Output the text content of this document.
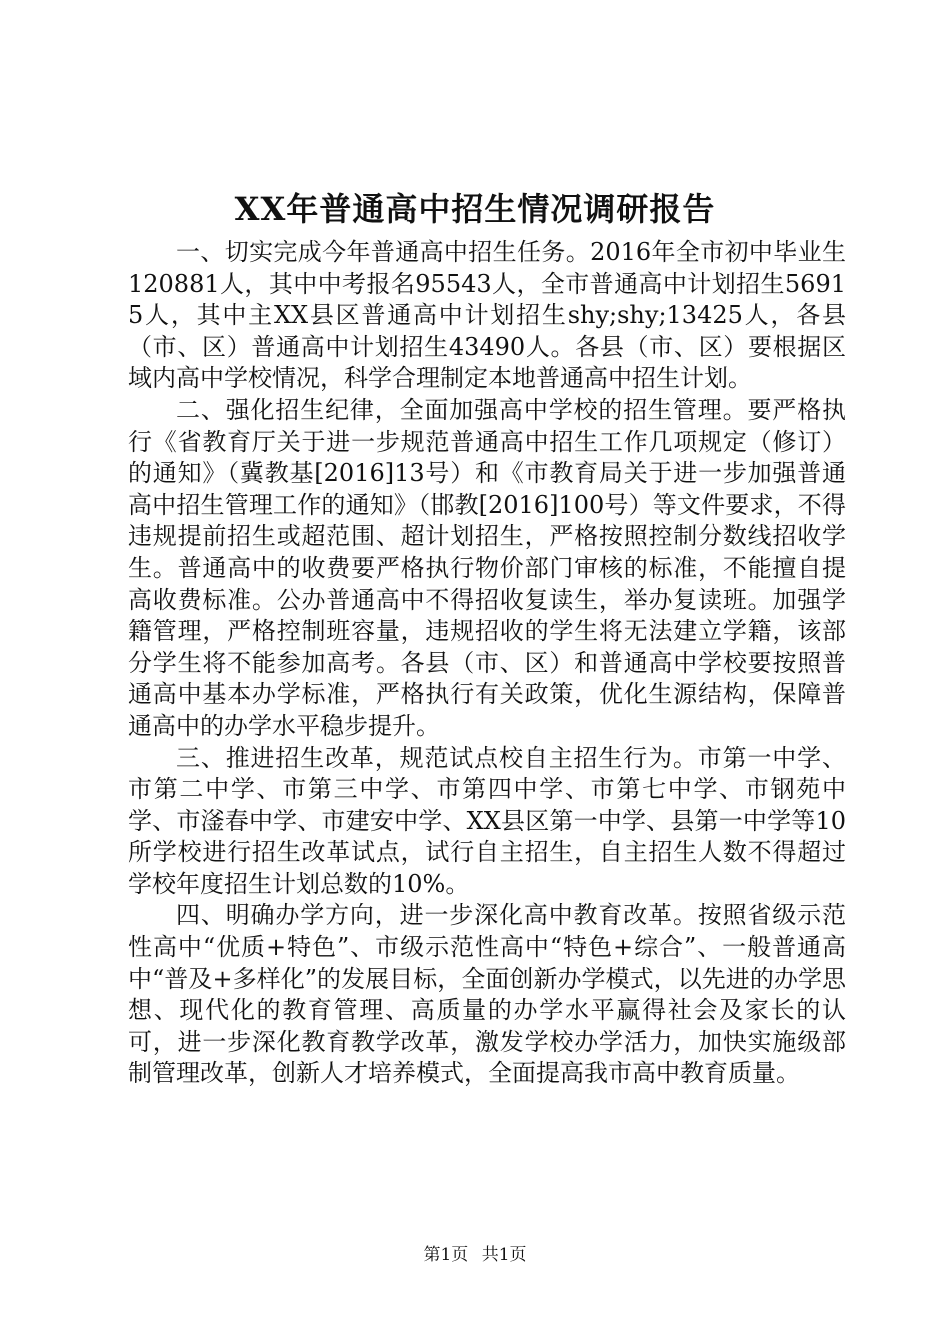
XX年普通高中招生情况调研报告

一、切实完成今年普通高中招生任务。2016年全市初中毕业生120881人，其中中考报名95543人，全市普通高中计划招生56915人，其中主XX县区普通高中计划招生shy;shy;13425人，各县（市、区）普通高中计划招生43490人。各县（市、区）要根据区域内高中学校情况，科学合理制定本地普通高中招生计划。

二、强化招生纪律，全面加强高中学校的招生管理。要严格执行《省教育厅关于进一步规范普通高中招生工作几项规定（修订）的通知》（冀教基[2016]13号）和《市教育局关于进一步加强普通高中招生管理工作的通知》（邯教[2016]100号）等文件要求，不得违规提前招生或超范围、超计划招生，严格按照控制分数线招收学生。普通高中的收费要严格执行物价部门审核的标准，不能擅自提高收费标准。公办普通高中不得招收复读生，举办复读班。加强学籍管理，严格控制班容量，违规招收的学生将无法建立学籍，该部分学生将不能参加高考。各县（市、区）和普通高中学校要按照普通高中基本办学标准，严格执行有关政策，优化生源结构，保障普通高中的办学水平稳步提升。

三、推进招生改革，规范试点校自主招生行为。市第一中学、市第二中学、市第三中学、市第四中学、市第七中学、市钢苑中学、市滏春中学、市建安中学、XX县区第一中学、县第一中学等10所学校进行招生改革试点，试行自主招生，自主招生人数不得超过学校年度招生计划总数的10%。

四、明确办学方向，进一步深化高中教育改革。按照省级示范性高中“优质+特色”、市级示范性高中“特色+综合”、一般普通高中“普及+多样化”的发展目标，全面创新办学模式，以先进的办学思想、现代化的教育管理、高质量的办学水平赢得社会及家长的认可，进一步深化教育教学改革，激发学校办学活力，加快实施级部制管理改革，创新人才培养模式，全面提高我市高中教育质量。

第1页 共1页
